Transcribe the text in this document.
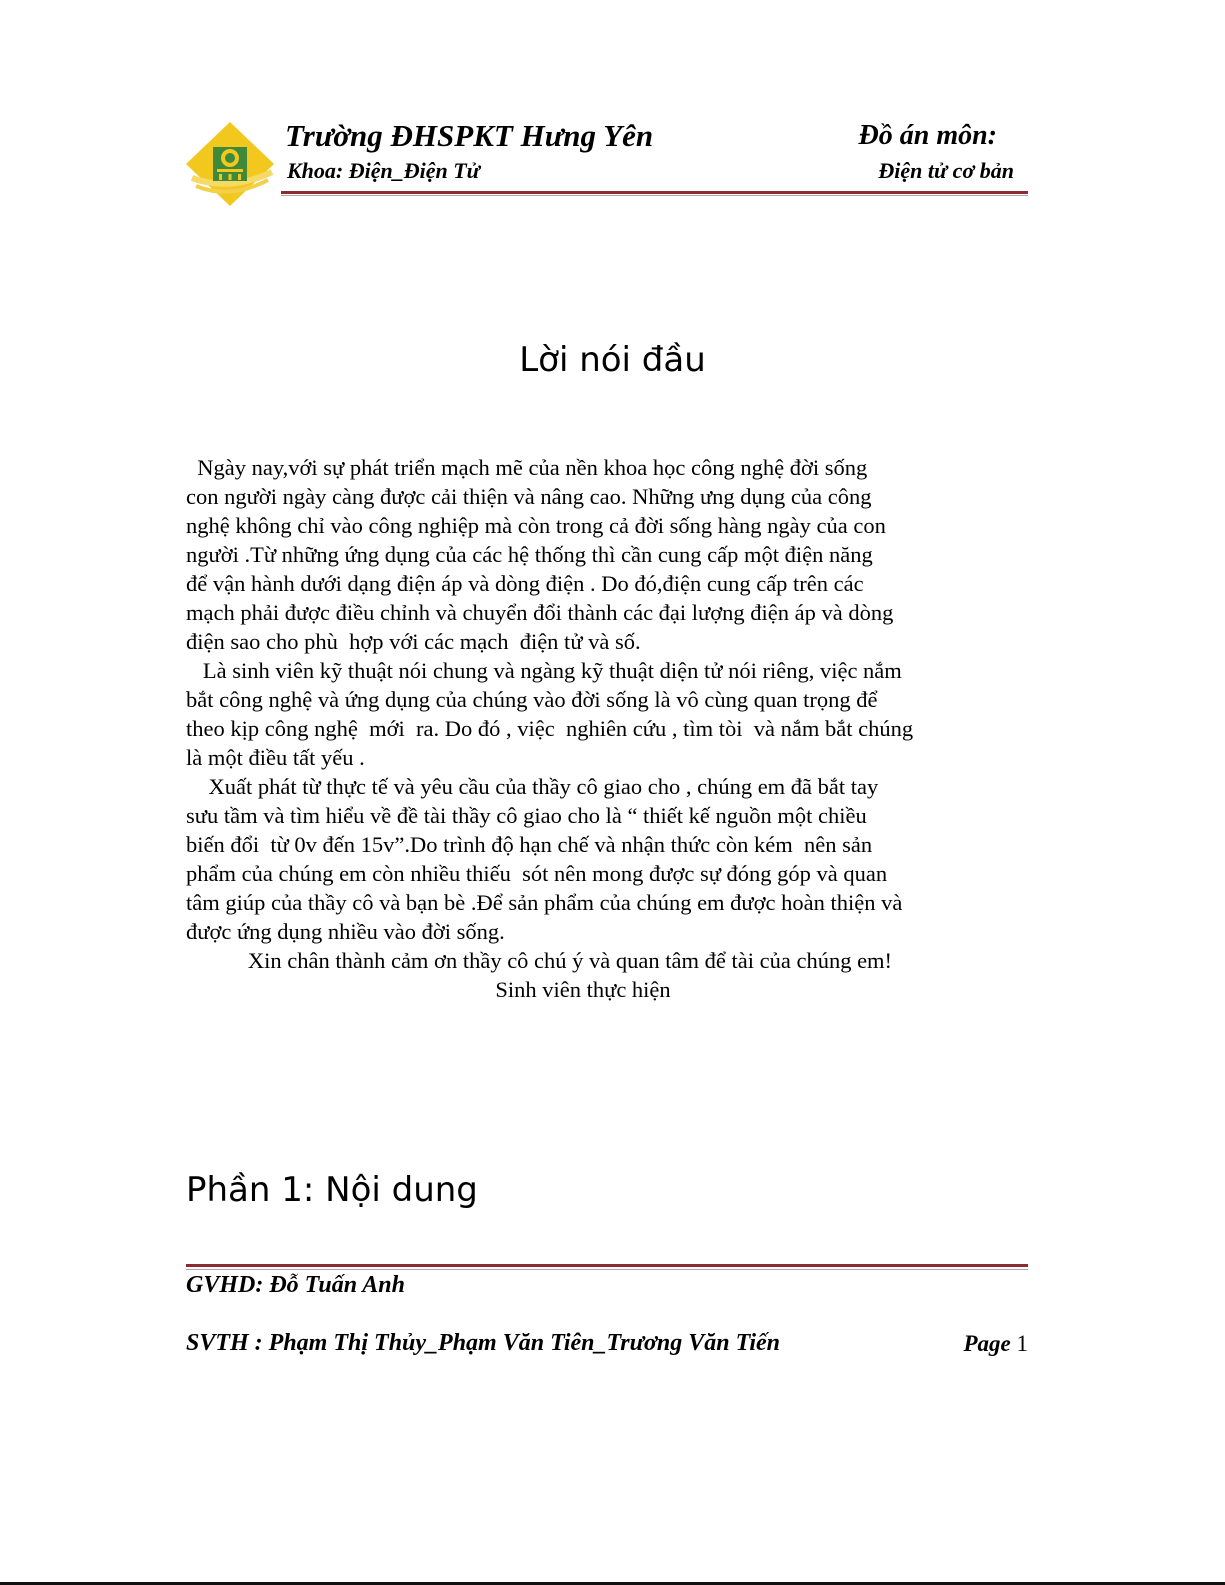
Trường ĐHSPKT Hưng Yên
Khoa: Điện_Điện Tử
Đồ án môn:
Điện tử cơ bản
Lời nói đầu
Ngày nay,với sự phát triển mạch mẽ của nền khoa học công nghệ đời sống
con người ngày càng được cải thiện và nâng cao. Những ưng dụng của công
nghệ không chỉ vào công nghiệp mà còn trong cả đời sống hàng ngày của con
người .Từ những ứng dụng của các hệ thống thì cần cung cấp một điện năng
để vận hành dưới dạng điện áp và dòng điện . Do đó,điện cung cấp trên các
mạch phải được điều chỉnh và chuyển đổi thành các đại lượng điện áp và dòng
điện sao cho phù  hợp với các mạch  điện tử và số.
Là sinh viên kỹ thuật nói chung và ngàng kỹ thuật diện tử nói riêng, việc nắm
bắt công nghệ và ứng dụng của chúng vào đời sống là vô cùng quan trọng để
theo kịp công nghệ  mới  ra. Do đó , việc  nghiên cứu , tìm tòi  và nắm bắt chúng
là một điều tất yếu .
Xuất phát từ thực tế và yêu cầu của thầy cô giao cho , chúng em đã bắt tay
sưu tầm và tìm hiểu về đề tài thầy cô giao cho là “ thiết kế nguồn một chiều
biến đổi  từ 0v đến 15v”.Do trình độ hạn chế và nhận thức còn kém  nên sản
phẩm của chúng em còn nhiều thiếu  sót nên mong được sự đóng góp và quan
tâm giúp của thầy cô và bạn bè .Để sản phẩm của chúng em được hoàn thiện và
được ứng dụng nhiều vào đời sống.
Xin chân thành cảm ơn thầy cô chú ý và quan tâm để tài của chúng em!
Sinh viên thực hiện
Phần 1: Nội dung
GVHD: Đỗ Tuấn Anh
SVTH : Phạm Thị Thủy_Phạm Văn Tiên_Trương Văn Tiến	Page 1
